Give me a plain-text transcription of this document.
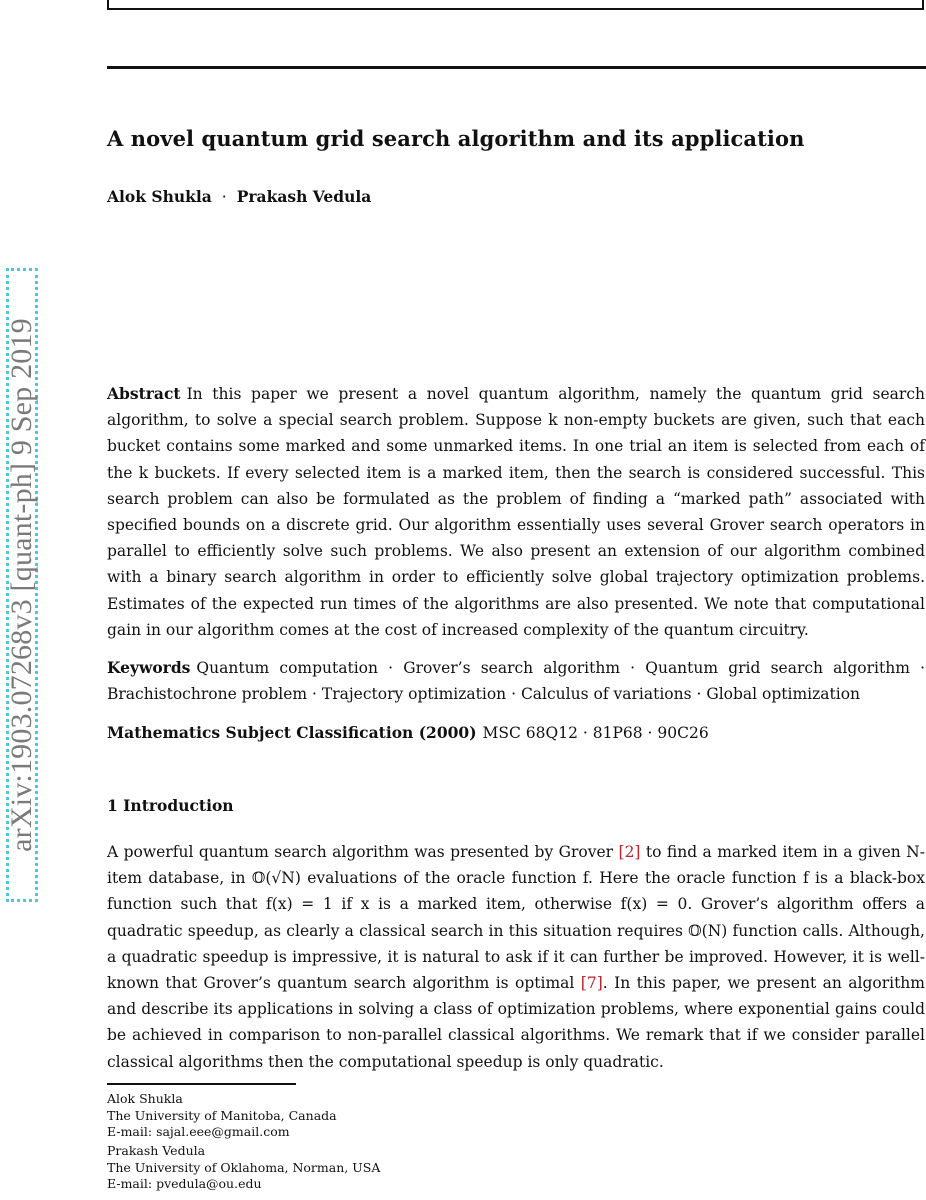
A novel quantum grid search algorithm and its application
Alok Shukla · Prakash Vedula
arXiv:1903.07268v3 [quant-ph] 9 Sep 2019	Abstract In this paper we present a novel quantum algorithm, namely the quantum grid search algorithm, to solve a special search problem. Suppose k non-empty buckets are given, such that each bucket contains some marked and some unmarked items. In one trial an item is selected from each of the k buckets. If every selected item is a marked item, then the search is considered successful. This search problem can also be formulated as the problem of finding a “marked path” associated with specified bounds on a discrete grid. Our algorithm essentially uses several Grover search operators in parallel to efficiently solve such problems. We also present an extension of our algorithm combined with a binary search algorithm in order to efficiently solve global trajectory optimization problems. Estimates of the expected run times of the algorithms are also presented. We note that computational gain in our algorithm comes at the cost of increased complexity of the quantum circuitry.
Keywords Quantum computation · Grover’s search algorithm · Quantum grid search algorithm · Brachistochrone problem · Trajectory optimization · Calculus of variations · Global optimization
Mathematics Subject Classification (2000) MSC 68Q12 · 81P68 · 90C26
1 Introduction
A powerful quantum search algorithm was presented by Grover [2] to find a marked item in a given N-item database, in 𝕆(√N) evaluations of the oracle function f. Here the oracle function f is a black-box function such that f(x) = 1 if x is a marked item, otherwise f(x) = 0. Grover’s algorithm offers a quadratic speedup, as clearly a classical search in this situation requires 𝕆(N) function calls. Although, a quadratic speedup is impressive, it is natural to ask if it can further be improved. However, it is well-known that Grover’s quantum search algorithm is optimal [7]. In this paper, we present an algorithm and describe its applications in solving a class of optimization problems, where exponential gains could be achieved in comparison to non-parallel classical algorithms. We remark that if we consider parallel classical algorithms then the computational speedup is only quadratic.
Alok Shukla
The University of Manitoba, Canada
E-mail: sajal.eee@gmail.com
Prakash Vedula
The University of Oklahoma, Norman, USA
E-mail: pvedula@ou.edu
